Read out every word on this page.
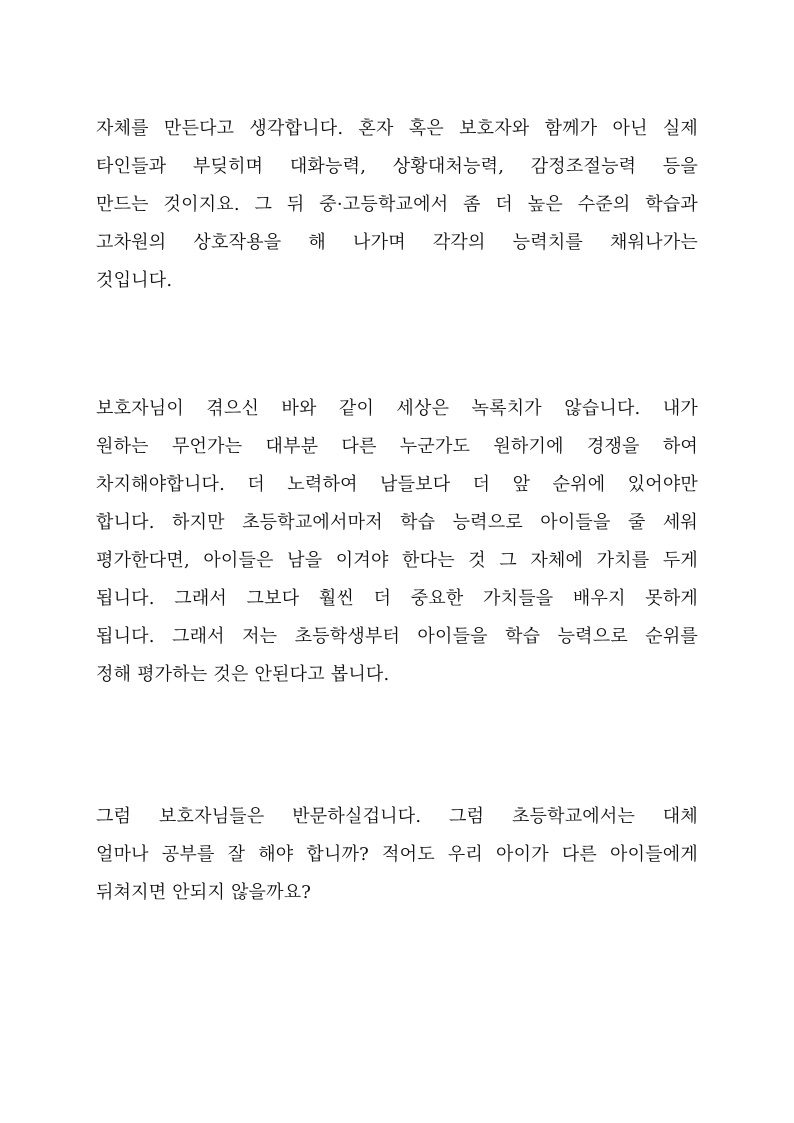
자체를 만든다고 생각합니다. 혼자 혹은 보호자와 함께가 아닌 실제
타인들과 부딪히며 대화능력, 상황대처능력, 감정조절능력 등을
만드는 것이지요. 그 뒤 중·고등학교에서 좀 더 높은 수준의 학습과
고차원의 상호작용을 해 나가며 각각의 능력치를 채워나가는
것입니다.
보호자님이 겪으신 바와 같이 세상은 녹록치가 않습니다. 내가
원하는 무언가는 대부분 다른 누군가도 원하기에 경쟁을 하여
차지해야합니다. 더 노력하여 남들보다 더 앞 순위에 있어야만
합니다. 하지만 초등학교에서마저 학습 능력으로 아이들을 줄 세워
평가한다면, 아이들은 남을 이겨야 한다는 것 그 자체에 가치를 두게
됩니다. 그래서 그보다 훨씬 더 중요한 가치들을 배우지 못하게
됩니다. 그래서 저는 초등학생부터 아이들을 학습 능력으로 순위를
정해 평가하는 것은 안된다고 봅니다.
그럼 보호자님들은 반문하실겁니다. 그럼 초등학교에서는 대체
얼마나 공부를 잘 해야 합니까? 적어도 우리 아이가 다른 아이들에게
뒤쳐지면 안되지 않을까요?
